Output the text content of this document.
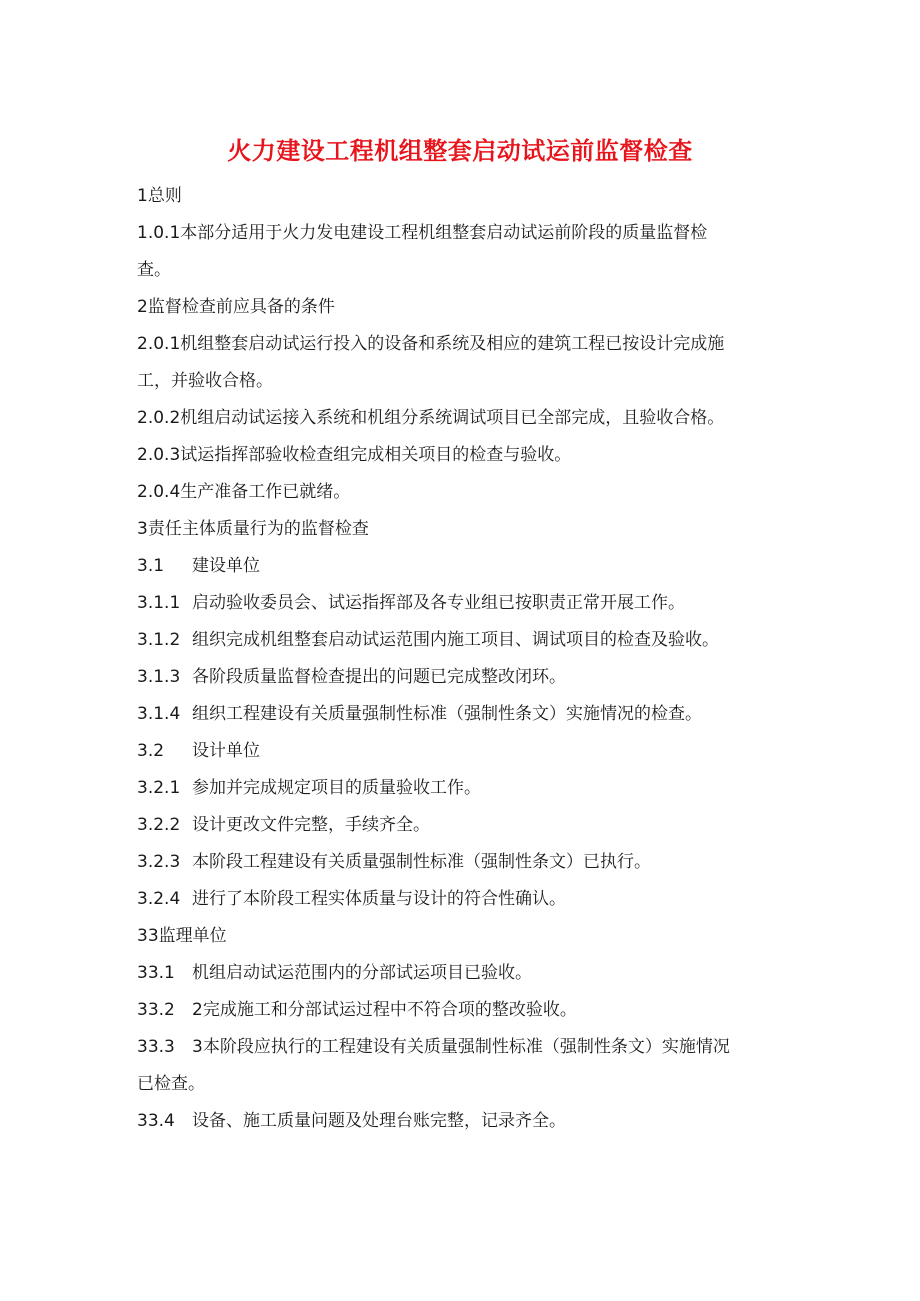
火力建设工程机组整套启动试运前监督检查
1总则
1.0.1本部分适用于火力发电建设工程机组整套启动试运前阶段的质量监督检
查。
2监督检查前应具备的条件
2.0.1机组整套启动试运行投入的设备和系统及相应的建筑工程已按设计完成施
工，并验收合格。
2.0.2机组启动试运接入系统和机组分系统调试项目已全部完成，且验收合格。
2.0.3试运指挥部验收检查组完成相关项目的检查与验收。
2.0.4生产准备工作已就绪。
3责任主体质量行为的监督检查
3.1 建设单位
3.1.1 启动验收委员会、试运指挥部及各专业组已按职责正常开展工作。
3.1.2 组织完成机组整套启动试运范围内施工项目、调试项目的检查及验收。
3.1.3 各阶段质量监督检查提出的问题已完成整改闭环。
3.1.4 组织工程建设有关质量强制性标准（强制性条文）实施情况的检查。
3.2 设计单位
3.2.1 参加并完成规定项目的质量验收工作。
3.2.2 设计更改文件完整，手续齐全。
3.2.3 本阶段工程建设有关质量强制性标准（强制性条文）已执行。
3.2.4 进行了本阶段工程实体质量与设计的符合性确认。
33监理单位
33.1 机组启动试运范围内的分部试运项目已验收。
33.2 2完成施工和分部试运过程中不符合项的整改验收。
33.3 3本阶段应执行的工程建设有关质量强制性标准（强制性条文）实施情况
已检查。
33.4 设备、施工质量问题及处理台账完整，记录齐全。
